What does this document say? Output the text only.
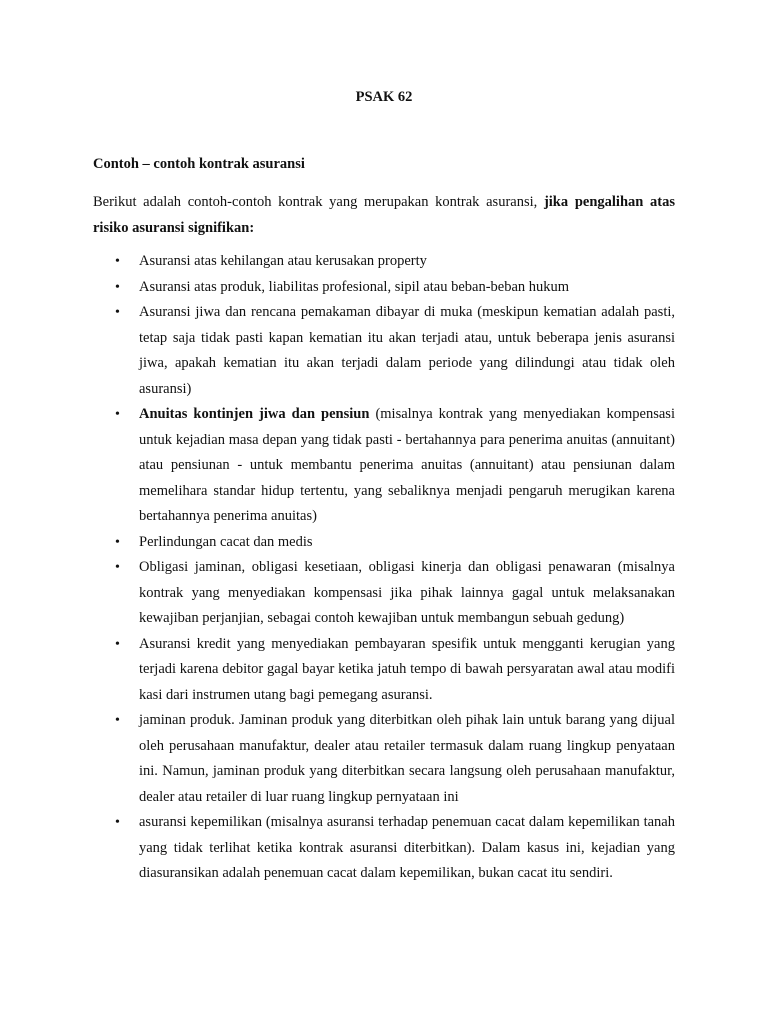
PSAK 62
Contoh – contoh kontrak asuransi

Berikut adalah contoh-contoh kontrak yang merupakan kontrak asuransi, jika pengalihan atas risiko asuransi signifikan:

• Asuransi atas kehilangan atau kerusakan property
• Asuransi atas produk, liabilitas profesional, sipil atau beban-beban hukum
• Asuransi jiwa dan rencana pemakaman dibayar di muka (meskipun kematian adalah pasti, tetap saja tidak pasti kapan kematian itu akan terjadi atau, untuk beberapa jenis asuransi jiwa, apakah kematian itu akan terjadi dalam periode yang dilindungi atau tidak oleh asuransi)
• Anuitas kontinjen jiwa dan pensiun (misalnya kontrak yang menyediakan kompensasi untuk kejadian masa depan yang tidak pasti - bertahannya para penerima anuitas (annuitant) atau pensiunan - untuk membantu penerima anuitas (annuitant) atau pensiunan dalam memelihara standar hidup tertentu, yang sebaliknya menjadi pengaruh merugikan karena bertahannya penerima anuitas)
• Perlindungan cacat dan medis
• Obligasi jaminan, obligasi kesetiaan, obligasi kinerja dan obligasi penawaran (misalnya kontrak yang menyediakan kompensasi jika pihak lainnya gagal untuk melaksanakan kewajiban perjanjian, sebagai contoh kewajiban untuk membangun sebuah gedung)
• Asuransi kredit yang menyediakan pembayaran spesifik untuk mengganti kerugian yang terjadi karena debitor gagal bayar ketika jatuh tempo di bawah persyaratan awal atau modifi kasi dari instrumen utang bagi pemegang asuransi.
• jaminan produk. Jaminan produk yang diterbitkan oleh pihak lain untuk barang yang dijual oleh perusahaan manufaktur, dealer atau retailer termasuk dalam ruang lingkup penyataan ini. Namun, jaminan produk yang diterbitkan secara langsung oleh perusahaan manufaktur, dealer atau retailer di luar ruang lingkup pernyataan ini
• asuransi kepemilikan (misalnya asuransi terhadap penemuan cacat dalam kepemilikan tanah yang tidak terlihat ketika kontrak asuransi diterbitkan). Dalam kasus ini, kejadian yang diasuransikan adalah penemuan cacat dalam kepemilikan, bukan cacat itu sendiri.
